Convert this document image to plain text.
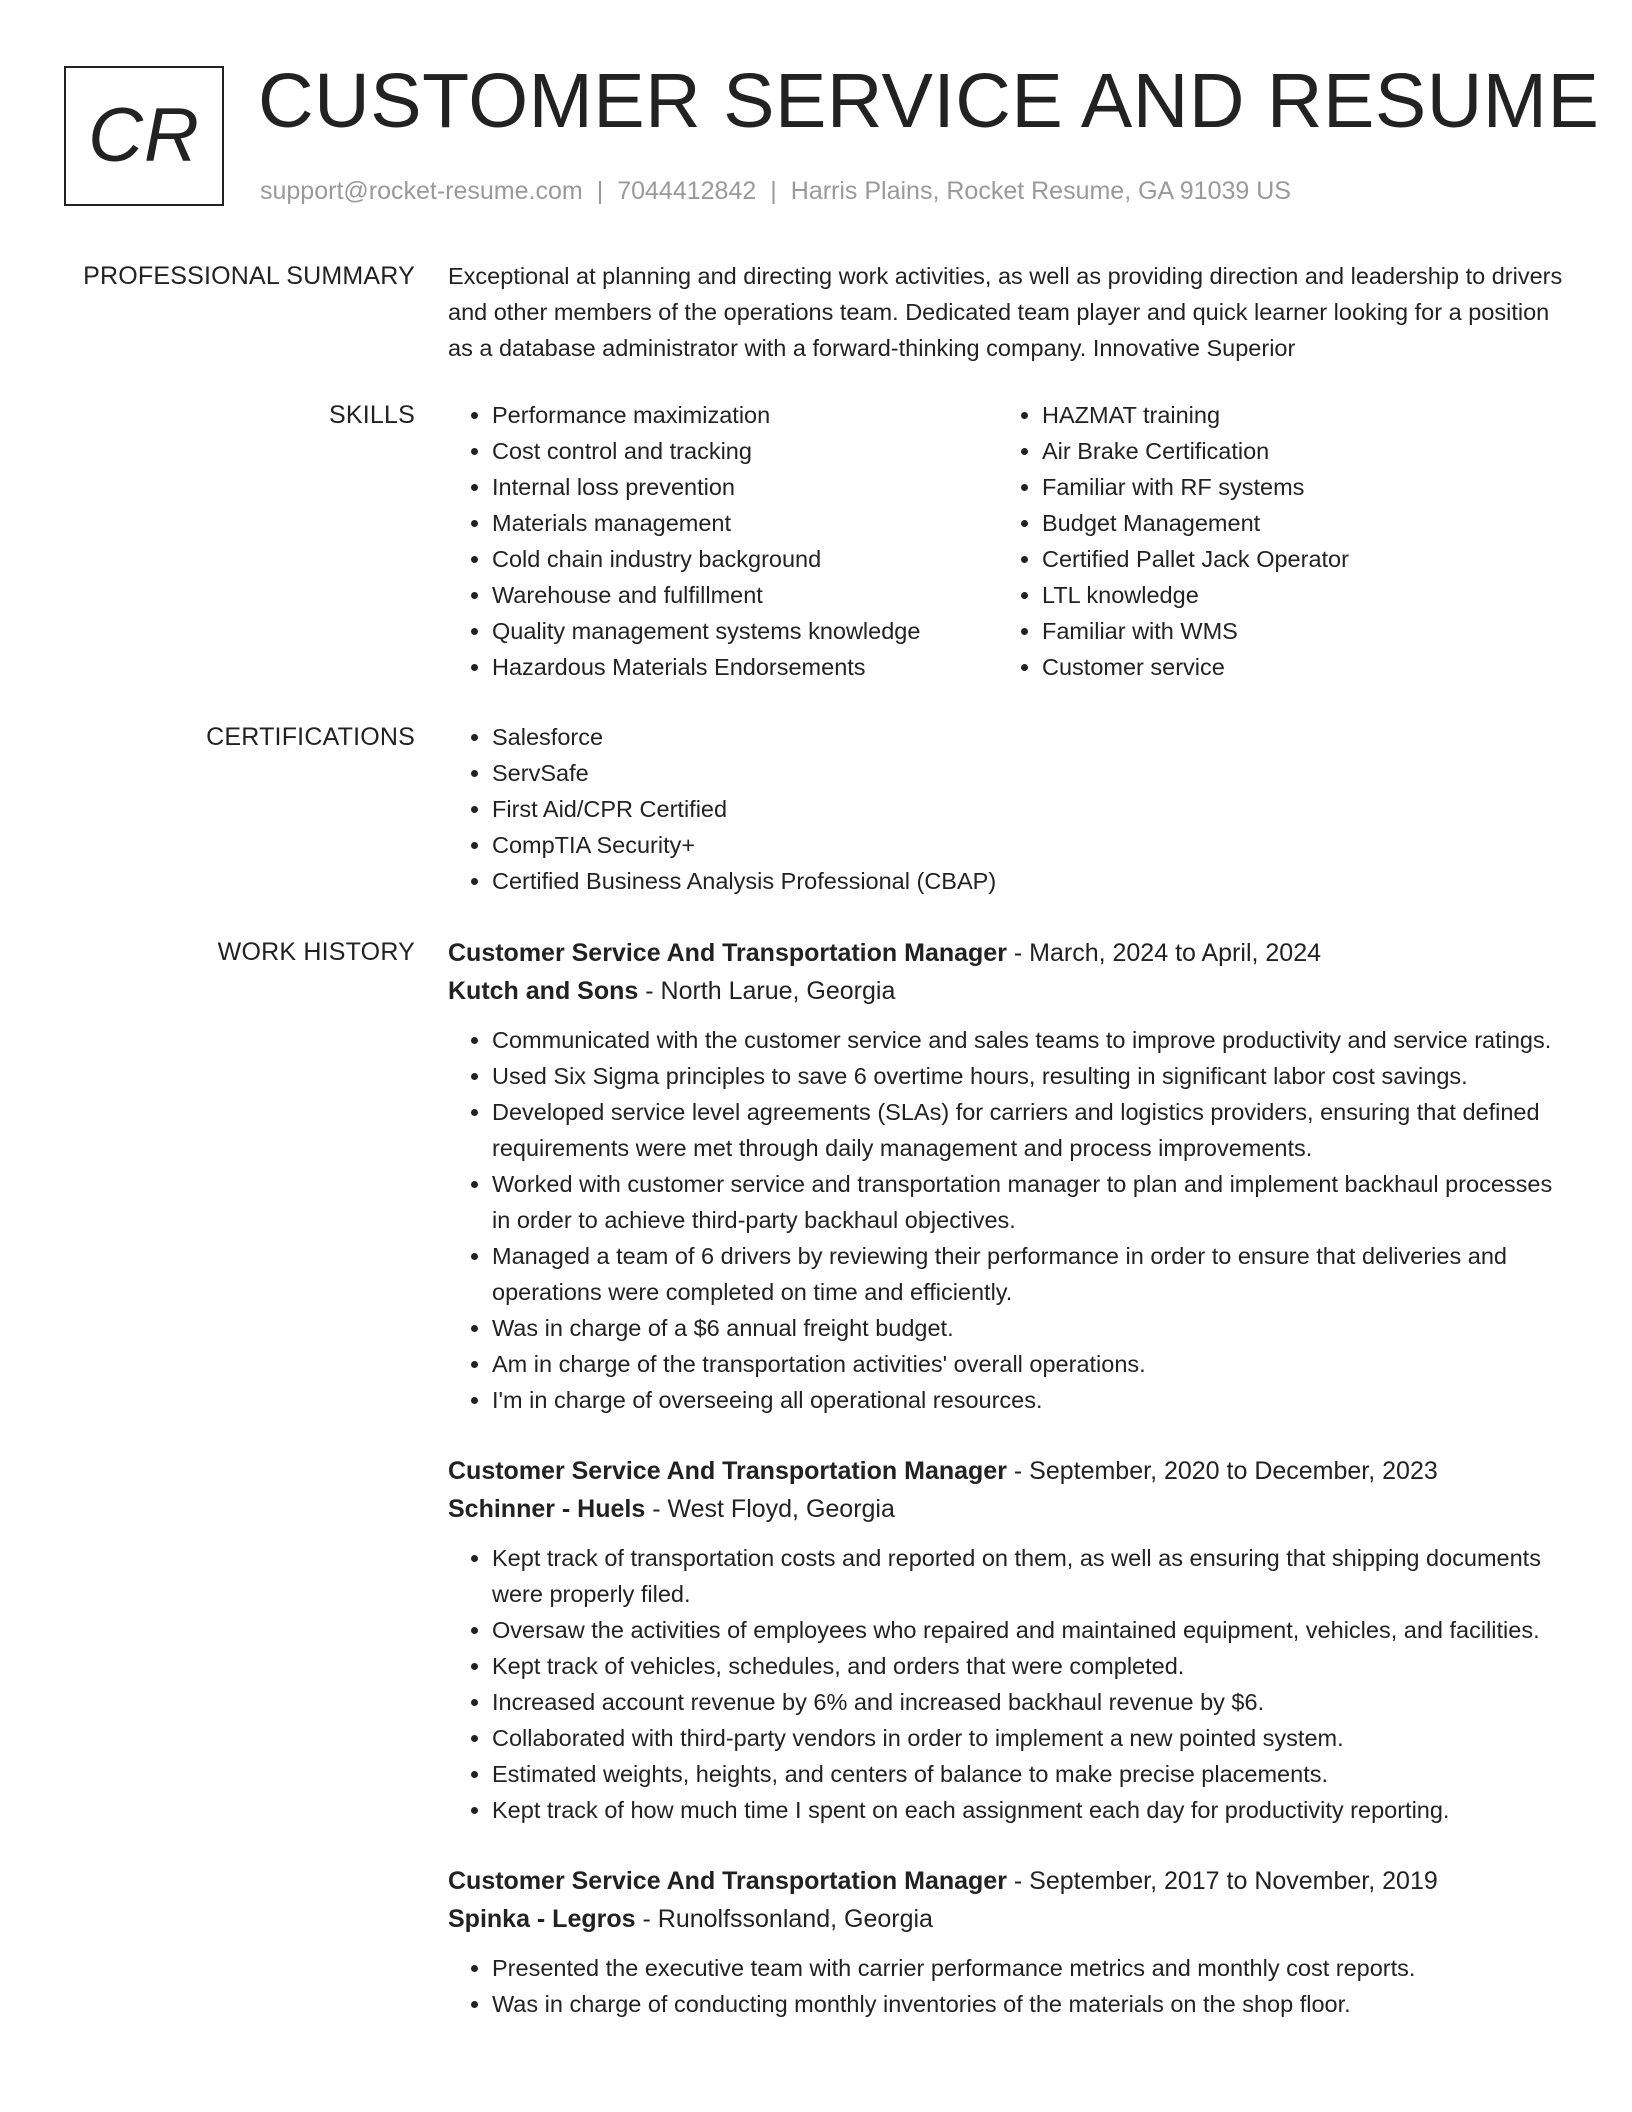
CR CUSTOMER SERVICE AND RESUME
support@rocket-resume.com | 7044412842 | Harris Plains, Rocket Resume, GA 91039 US
PROFESSIONAL SUMMARY Exceptional at planning and directing work activities, as well as providing direction and leadership to drivers and other members of the operations team. Dedicated team player and quick learner looking for a position as a database administrator with a forward-thinking company. Innovative Superior

SKILLS	• Performance maximization
• Cost control and tracking
• Internal loss prevention
• Materials management
• Cold chain industry background
• Warehouse and fulfillment
• Quality management systems knowledge
• Hazardous Materials Endorsements
• HAZMAT training
• Air Brake Certification
• Familiar with RF systems
• Budget Management
• Certified Pallet Jack Operator
• LTL knowledge
• Familiar with WMS
• Customer service
CERTIFICATIONS	• Salesforce
• ServSafe
• First Aid/CPR Certified
• CompTIA Security+
• Certified Business Analysis Professional (CBAP)
WORK HISTORY Customer Service And Transportation Manager - March, 2024 to April, 2024
Kutch and Sons - North Larue, Georgia
• Communicated with the customer service and sales teams to improve productivity and service ratings.
• Used Six Sigma principles to save 6 overtime hours, resulting in significant labor cost savings.
• Developed service level agreements (SLAs) for carriers and logistics providers, ensuring that defined requirements were met through daily management and process improvements.
• Worked with customer service and transportation manager to plan and implement backhaul processes in order to achieve third-party backhaul objectives.
• Managed a team of 6 drivers by reviewing their performance in order to ensure that deliveries and operations were completed on time and efficiently.
• Was in charge of a $6 annual freight budget.
• Am in charge of the transportation activities' overall operations.
• I'm in charge of overseeing all operational resources.
Customer Service And Transportation Manager - September, 2020 to December, 2023
Schinner - Huels - West Floyd, Georgia
• Kept track of transportation costs and reported on them, as well as ensuring that shipping documents were properly filed.
• Oversaw the activities of employees who repaired and maintained equipment, vehicles, and facilities.
• Kept track of vehicles, schedules, and orders that were completed.
• Increased account revenue by 6% and increased backhaul revenue by $6.
• Collaborated with third-party vendors in order to implement a new pointed system.
• Estimated weights, heights, and centers of balance to make precise placements.
• Kept track of how much time I spent on each assignment each day for productivity reporting.
Customer Service And Transportation Manager - September, 2017 to November, 2019
Spinka - Legros - Runolfssonland, Georgia
• Presented the executive team with carrier performance metrics and monthly cost reports.
• Was in charge of conducting monthly inventories of the materials on the shop floor.
